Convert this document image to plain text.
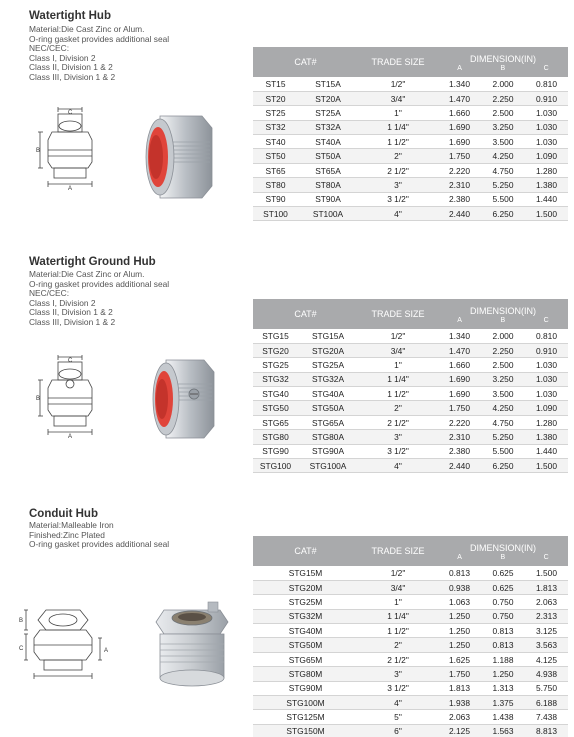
Watertight Hub
Material:Die Cast Zinc or Alum.
O-ring gasket provides additional seal
NEC/CEC:
Class I, Division 2
Class II, Division 1 & 2
Class III, Division 1 & 2
C
B
A
CAT#		TRADE SIZE	DIMENSION(IN)
A B C		

ST15	ST15A	1/2"	1.340	2.000	0.810
ST20	ST20A	3/4"	1.470	2.250	0.910
ST25	ST25A	1"	1.660	2.500	1.030
ST32	ST32A	1 1/4"	1.690	3.250	1.030
ST40	ST40A	1 1/2"	1.690	3.500	1.030
ST50	ST50A	2"	1.750	4.250	1.090
ST65	ST65A	2 1/2"	2.220	4.750	1.280
ST80	ST80A	3"	2.310	5.250	1.380
ST90	ST90A	3 1/2"	2.380	5.500	1.440
ST100	ST100A	4"	2.440	6.250	1.500
Watertight Ground Hub
Material:Die Cast Zinc or Alum.
O-ring gasket provides additional seal
NEC/CEC:
Class I, Division 2
Class II, Division 1 & 2
Class III, Division 1 & 2
C
B
A
CAT#		TRADE SIZE	DIMENSION(IN)
A B C		

STG15	STG15A	1/2"	1.340	2.000	0.810
STG20	STG20A	3/4"	1.470	2.250	0.910
STG25	STG25A	1"	1.660	2.500	1.030
STG32	STG32A	1 1/4"	1.690	3.250	1.030
STG40	STG40A	1 1/2"	1.690	3.500	1.030
STG50	STG50A	2"	1.750	4.250	1.090
STG65	STG65A	2 1/2"	2.220	4.750	1.280
STG80	STG80A	3"	2.310	5.250	1.380
STG90	STG90A	3 1/2"	2.380	5.500	1.440
STG100	STG100A	4"	2.440	6.250	1.500
Conduit Hub
Material:Malleable Iron
Finished:Zinc Plated
O-ring gasket provides additional seal
B
C	A
CAT#	TRADE SIZE	DIMENSION(IN)
A B C		

STG15M	1/2"	0.813	0.625	1.500
STG20M	3/4"	0.938	0.625	1.813
STG25M	1"	1.063	0.750	2.063
STG32M	1 1/4"	1.250	0.750	2.313
STG40M	1 1/2"	1.250	0.813	3.125
STG50M	2"	1.250	0.813	3.563
STG65M	2 1/2"	1.625	1.188	4.125
STG80M	3"	1.750	1.250	4.938
STG90M	3 1/2"	1.813	1.313	5.750
STG100M	4"	1.938	1.375	6.188
STG125M	5"	2.063	1.438	7.438
STG150M	6"	2.125	1.563	8.813
